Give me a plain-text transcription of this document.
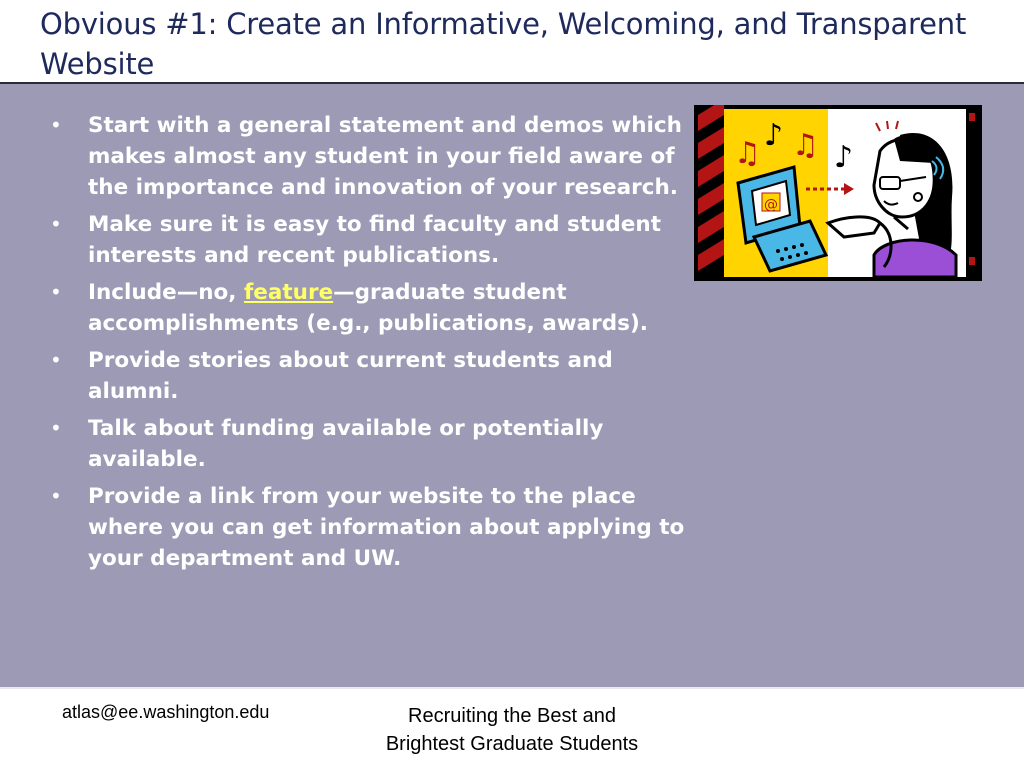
Obvious #1: Create an Informative, Welcoming, and Transparent Website
• Start with a general statement and demos which makes almost any student in your field aware of the importance and innovation of your research.
• Make sure it is easy to find faculty and student interests and recent publications.
• Include—no, feature—graduate student accomplishments (e.g., publications, awards).
• Provide stories about current students and alumni.
• Talk about funding available or potentially available.
• Provide a link from your website to the place where you can get information about applying to your department and UW.
♫
♪ ♫ ♪
@
atlas@ee.washington.edu	Recruiting the Best and
Brightest Graduate Students
